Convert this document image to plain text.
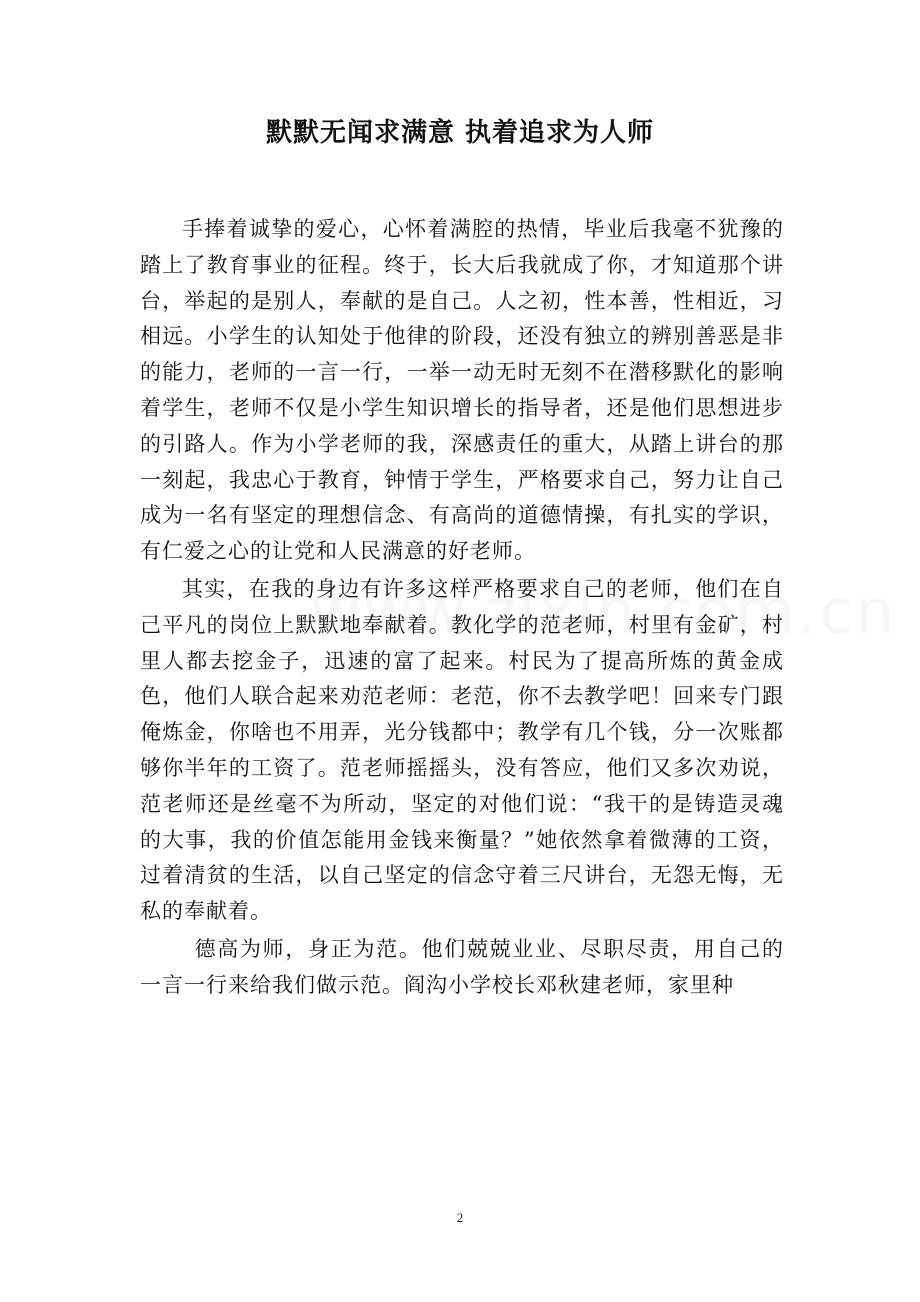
默默无闻求满意 执着追求为人师

手捧着诚挚的爱心，心怀着满腔的热情，毕业后我毫不犹豫的踏上了教育事业的征程。终于，长大后我就成了你，才知道那个讲台，举起的是别人，奉献的是自己。人之初，性本善，性相近，习相远。小学生的认知处于他律的阶段，还没有独立的辨别善恶是非的能力，老师的一言一行，一举一动无时无刻不在潜移默化的影响着学生，老师不仅是小学生知识增长的指导者，还是他们思想进步的引路人。作为小学老师的我，深感责任的重大，从踏上讲台的那一刻起，我忠心于教育，钟情于学生，严格要求自己，努力让自己成为一名有坚定的理想信念、有高尚的道德情操，有扎实的学识，有仁爱之心的让党和人民满意的好老师。

其实，在我的身边有许多这样严格要求自己的老师，他们在自己平凡的岗位上默默地奉献着。教化学的范老师，村里有金矿，村里人都去挖金子，迅速的富了起来。村民为了提高所炼的黄金成色，他们人联合起来劝范老师：老范，你不去教学吧！回来专门跟俺炼金，你啥也不用弄，光分钱都中；教学有几个钱，分一次账都够你半年的工资了。范老师摇摇头，没有答应，他们又多次劝说，范老师还是丝毫不为所动，坚定的对他们说：“我干的是铸造灵魂的大事，我的价值怎能用金钱来衡量？”她依然拿着微薄的工资，过着清贫的生活，以自己坚定的信念守着三尺讲台，无怨无悔，无私的奉献着。

德高为师，身正为范。他们兢兢业业、尽职尽责，用自己的一言一行来给我们做示范。阎沟小学校长邓秋建老师，家里种

2
